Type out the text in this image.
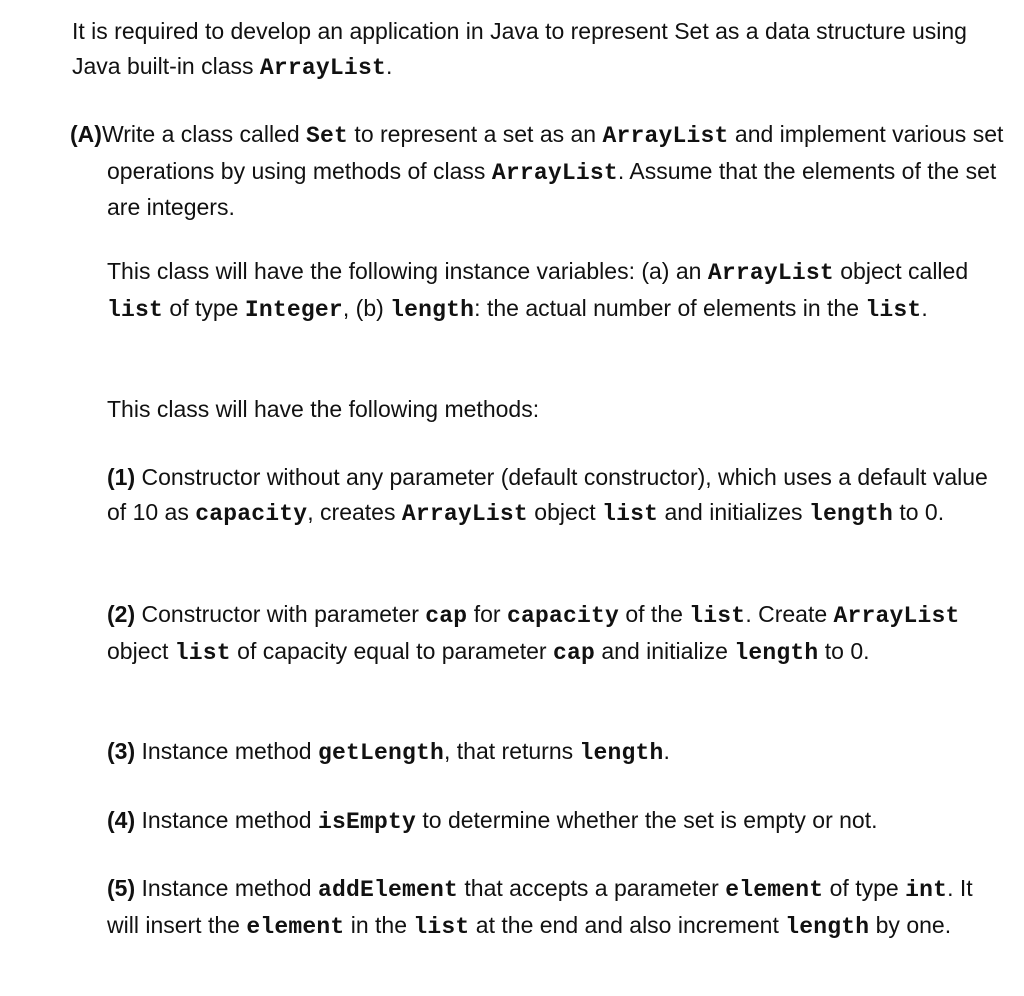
It is required to develop an application in Java to represent Set as a data structure using Java built-in class ArrayList.

(A)Write a class called Set to represent a set as an ArrayList and implement various set operations by using methods of class ArrayList. Assume that the elements of the set are integers.

This class will have the following instance variables: (a) an ArrayList object called list of type Integer, (b) length: the actual number of elements in the list.

This class will have the following methods:

(1) Constructor without any parameter (default constructor), which uses a default value of 10 as capacity, creates ArrayList object list and initializes length to 0.

(2) Constructor with parameter cap for capacity of the list. Create ArrayList object list of capacity equal to parameter cap and initialize length to 0.

(3) Instance method getLength, that returns length.

(4) Instance method isEmpty to determine whether the set is empty or not.

(5) Instance method addElement that accepts a parameter element of type int. It will insert the element in the list at the end and also increment length by one.
